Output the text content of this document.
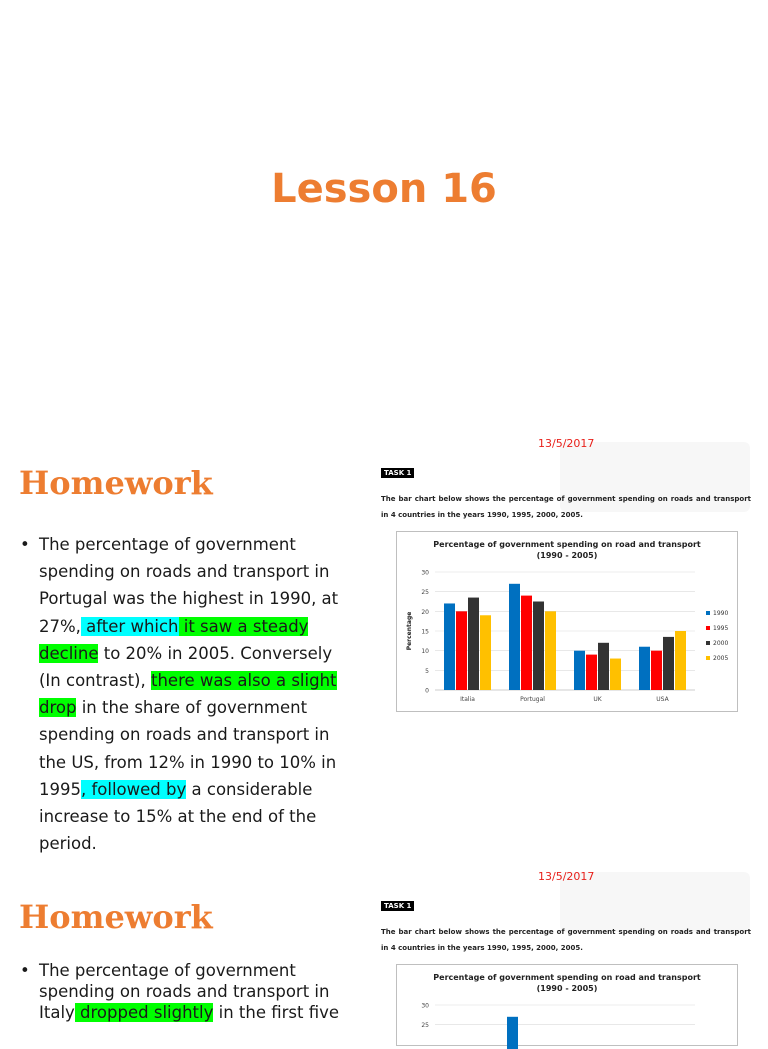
Lesson 16
Homework
• The percentage of government spending on roads and transport in Portugal was the highest in 1990, at 27%, after which it saw a steady decline to 20% in 2005. Conversely (In contrast), there was also a slight drop in the share of government spending on roads and transport in the US, from 12% in 1990 to 10% in 1995, followed by a considerable increase to 15% at the end of the period.
13/5/2017
TASK 1
The bar chart below shows the percentage of government spending on roads and transport in 4 countries in the years 1990, 1995, 2000, 2005.
Percentage of government spending on road and transport
(1990 - 2005)
0
5
10
15
20
25
30
Percentage
Italia	Portugal	UK	USA
1990
1995
2000
2005
Homework
• The percentage of government spending on roads and transport in Italy dropped slightly in the first five
13/5/2017
TASK 1
The bar chart below shows the percentage of government spending on roads and transport in 4 countries in the years 1990, 1995, 2000, 2005.
Percentage of government spending on road and transport
(1990 - 2005)
25
30
